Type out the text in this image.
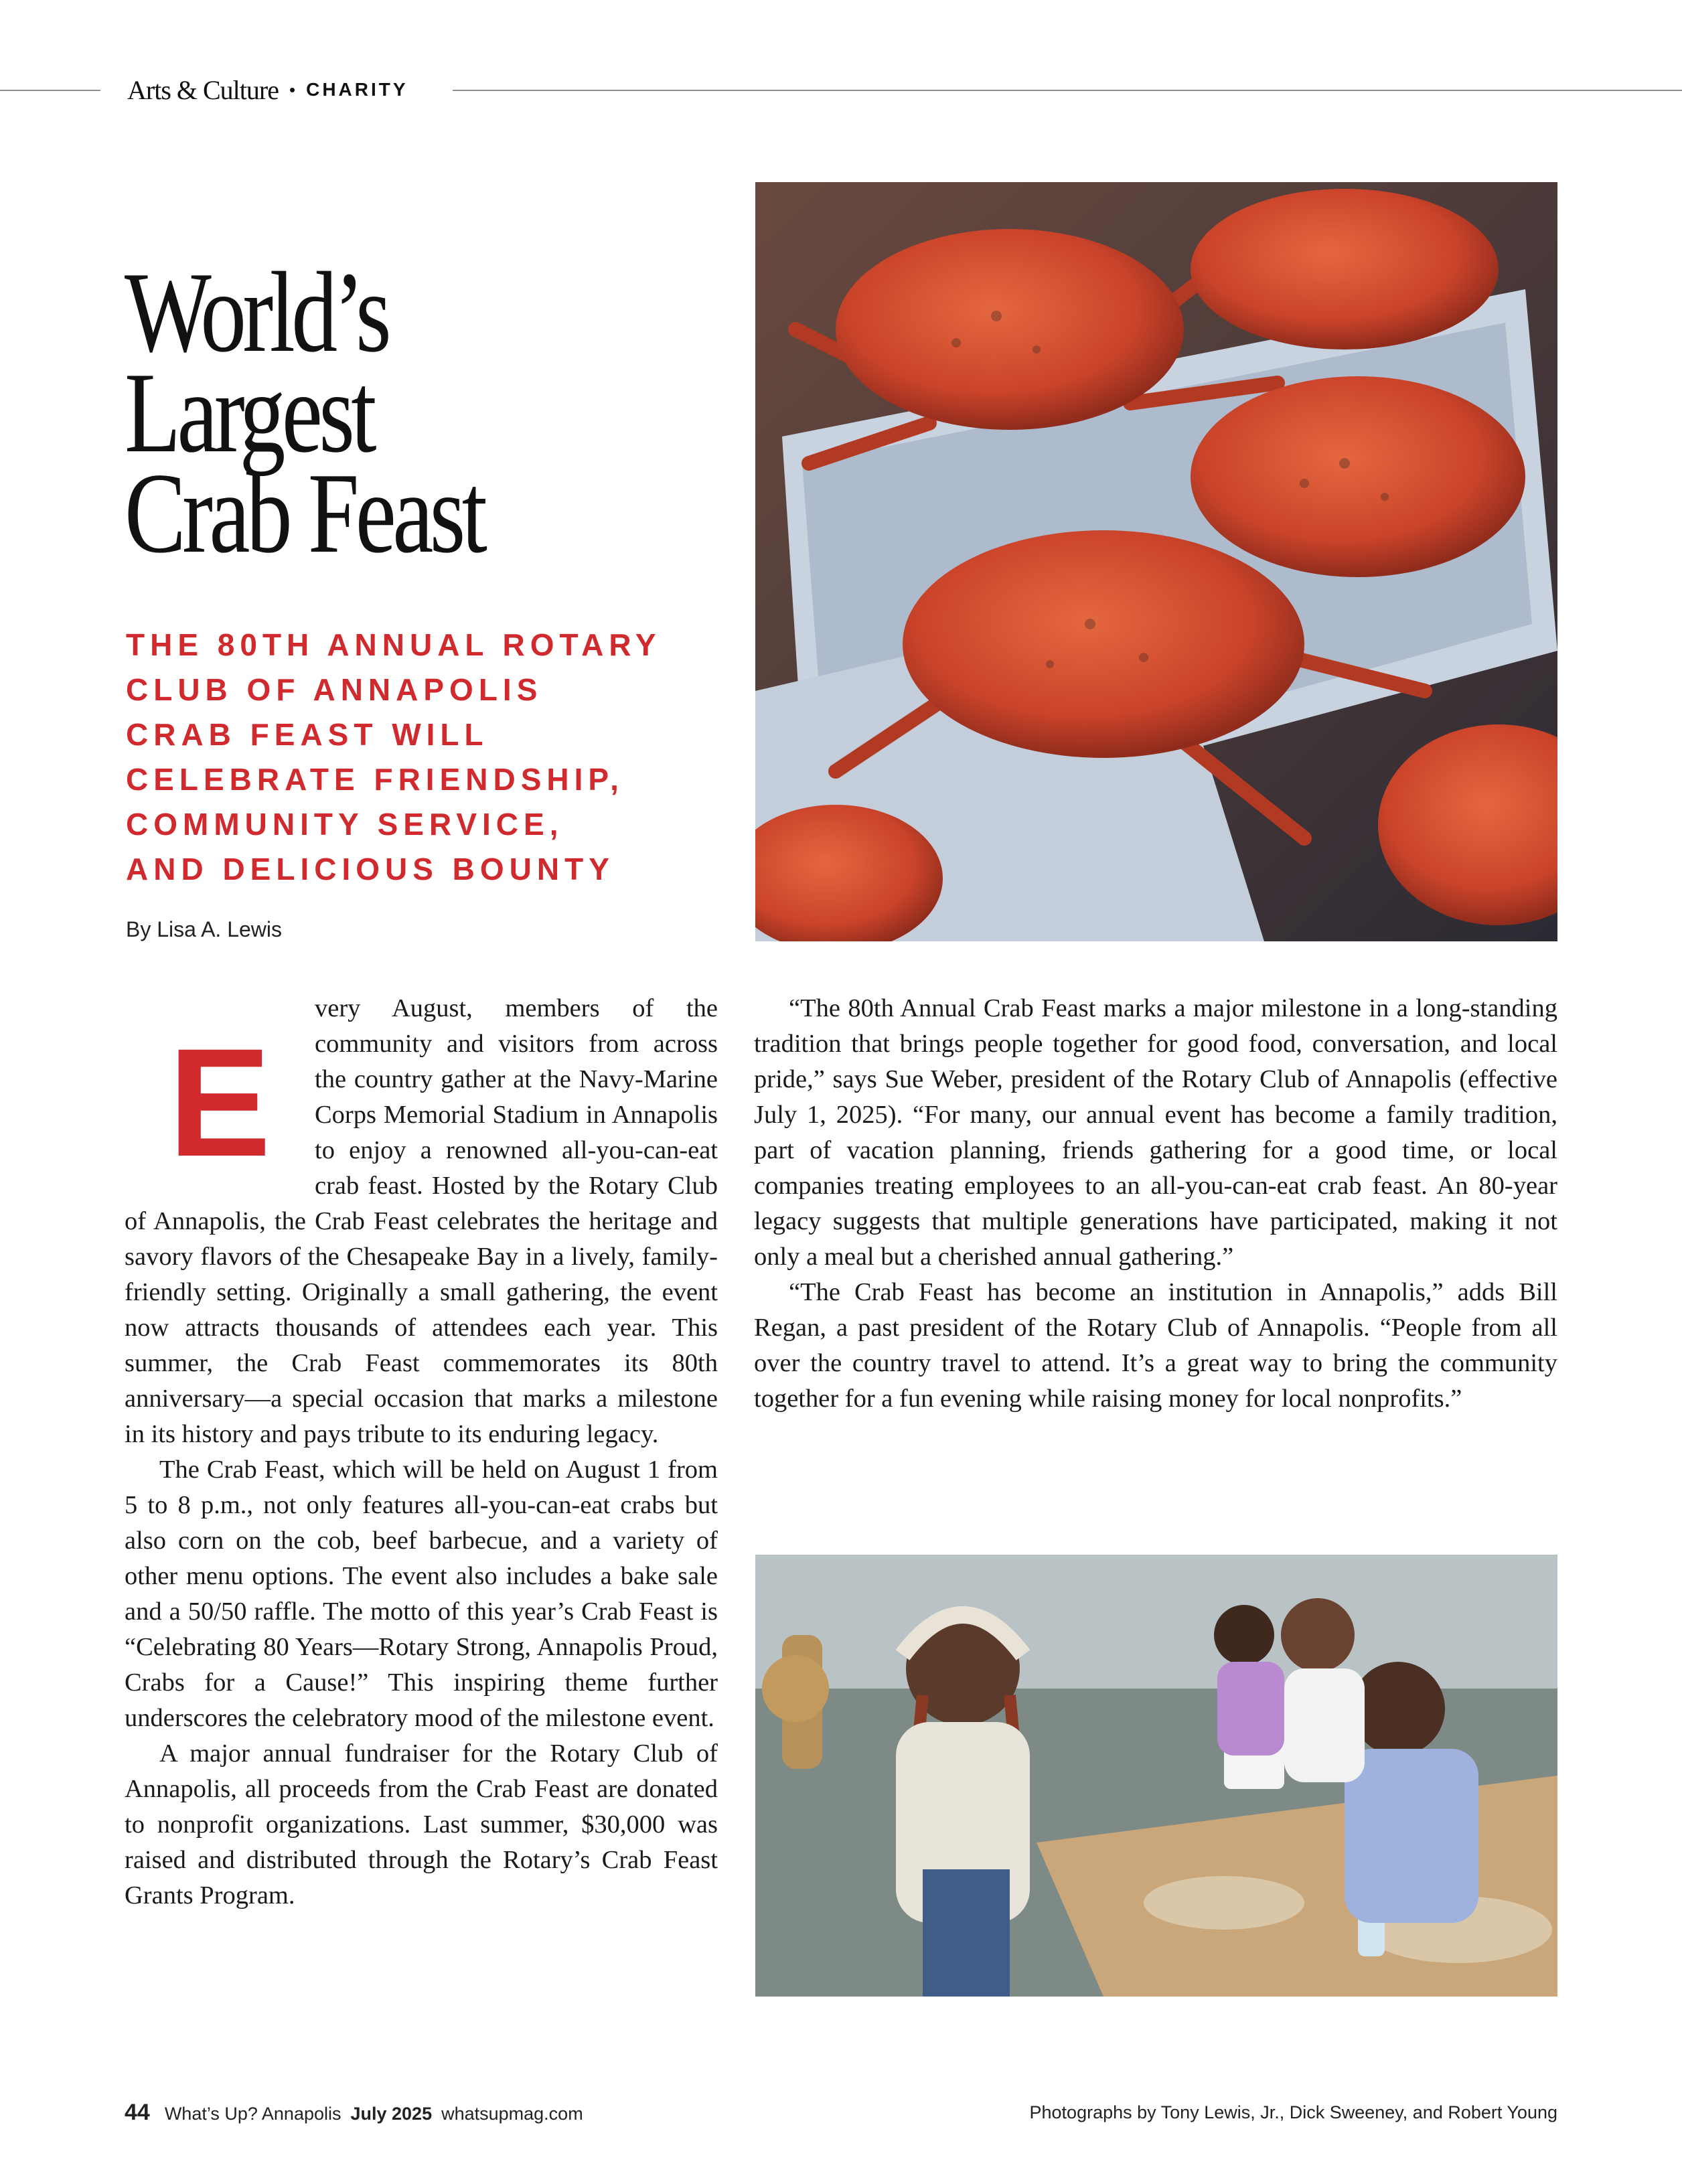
Arts & Culture • CHARITY
World’s
Largest
Crab Feast
THE 80TH ANNUAL ROTARY
CLUB OF ANNAPOLIS
CRAB FEAST WILL
CELEBRATE FRIENDSHIP,
COMMUNITY SERVICE,
AND DELICIOUS BOUNTY
By Lisa A. Lewis

E
very August, members of the community and visitors from across the country gather at the Navy-Marine Corps Memorial Stadium in Annapolis to enjoy a renowned all-you-can-eat crab feast. Hosted by the Rotary Club of Annapolis, the Crab Feast celebrates the heritage and savory flavors of the Chesapeake Bay in a lively, family-friendly setting. Originally a small gathering, the event now attracts thousands of attendees each year. This summer, the Crab Feast commemorates its 80th anniversary—a special occasion that marks a milestone in its history and pays tribute to its enduring legacy.

The Crab Feast, which will be held on August 1 from 5 to 8 p.m., not only features all-you-can-eat crabs but also corn on the cob, beef barbecue, and a variety of other menu options. The event also includes a bake sale and a 50/50 raffle. The motto of this year’s Crab Feast is “Celebrating 80 Years—Rotary Strong, Annapolis Proud, Crabs for a Cause!” This inspiring theme further underscores the celebratory mood of the milestone event.

A major annual fundraiser for the Rotary Club of Annapolis, all proceeds from the Crab Feast are donated to nonprofit organizations. Last summer, $30,000 was raised and distributed through the Rotary’s Crab Feast Grants Program.

“The 80th Annual Crab Feast marks a major milestone in a long-standing tradition that brings people together for good food, conversation, and local pride,” says Sue Weber, president of the Rotary Club of Annapolis (effective July 1, 2025). “For many, our annual event has become a family tradition, part of vacation planning, friends gathering for a good time, or local companies treating employees to an all-you-can-eat crab feast. An 80-year legacy suggests that multiple generations have participated, making it not only a meal but a cherished annual gathering.”

“The Crab Feast has become an institution in Annapolis,” adds Bill Regan, a past president of the Rotary Club of Annapolis. “People from all over the country travel to attend. It’s a great way to bring the community together for a fun evening while raising money for local nonprofits.”

44 What’s Up? Annapolis July 2025 whatsupmag.com	Photographs by Tony Lewis, Jr., Dick Sweeney, and Robert Young
